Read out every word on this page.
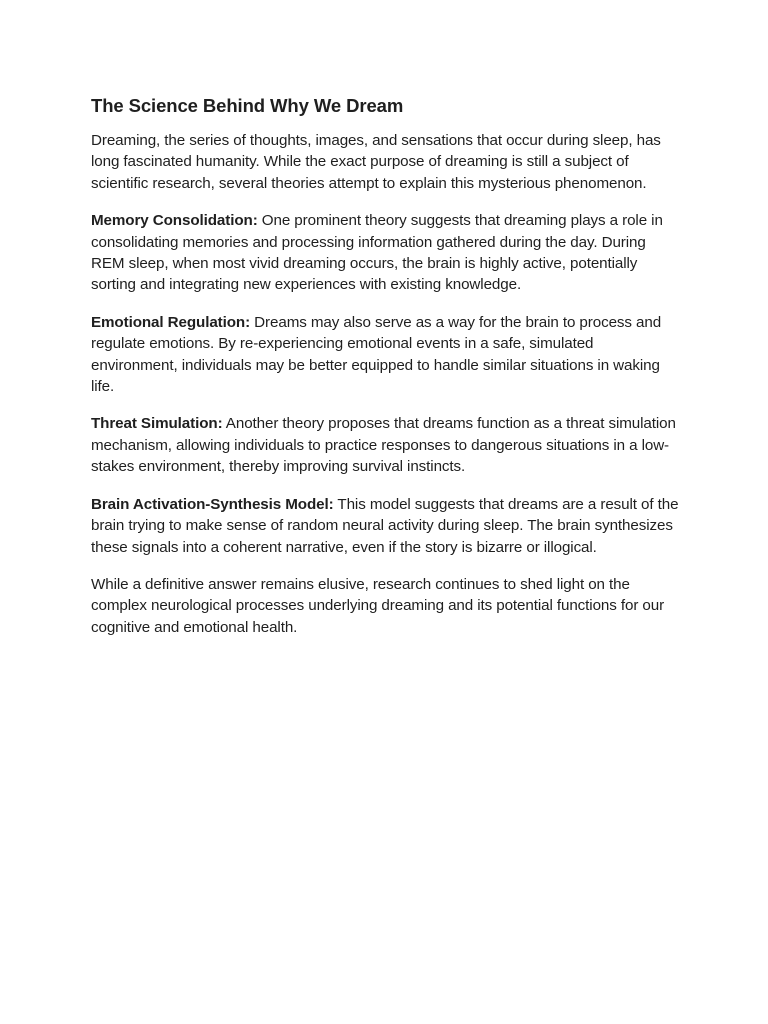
The Science Behind Why We Dream

Dreaming, the series of thoughts, images, and sensations that occur during sleep, has long fascinated humanity. While the exact purpose of dreaming is still a subject of scientific research, several theories attempt to explain this mysterious phenomenon.

Memory Consolidation: One prominent theory suggests that dreaming plays a role in consolidating memories and processing information gathered during the day. During REM sleep, when most vivid dreaming occurs, the brain is highly active, potentially sorting and integrating new experiences with existing knowledge.

Emotional Regulation: Dreams may also serve as a way for the brain to process and regulate emotions. By re-experiencing emotional events in a safe, simulated environment, individuals may be better equipped to handle similar situations in waking life.

Threat Simulation: Another theory proposes that dreams function as a threat simulation mechanism, allowing individuals to practice responses to dangerous situations in a low-stakes environment, thereby improving survival instincts.

Brain Activation-Synthesis Model: This model suggests that dreams are a result of the brain trying to make sense of random neural activity during sleep. The brain synthesizes these signals into a coherent narrative, even if the story is bizarre or illogical.

While a definitive answer remains elusive, research continues to shed light on the complex neurological processes underlying dreaming and its potential functions for our cognitive and emotional health.
